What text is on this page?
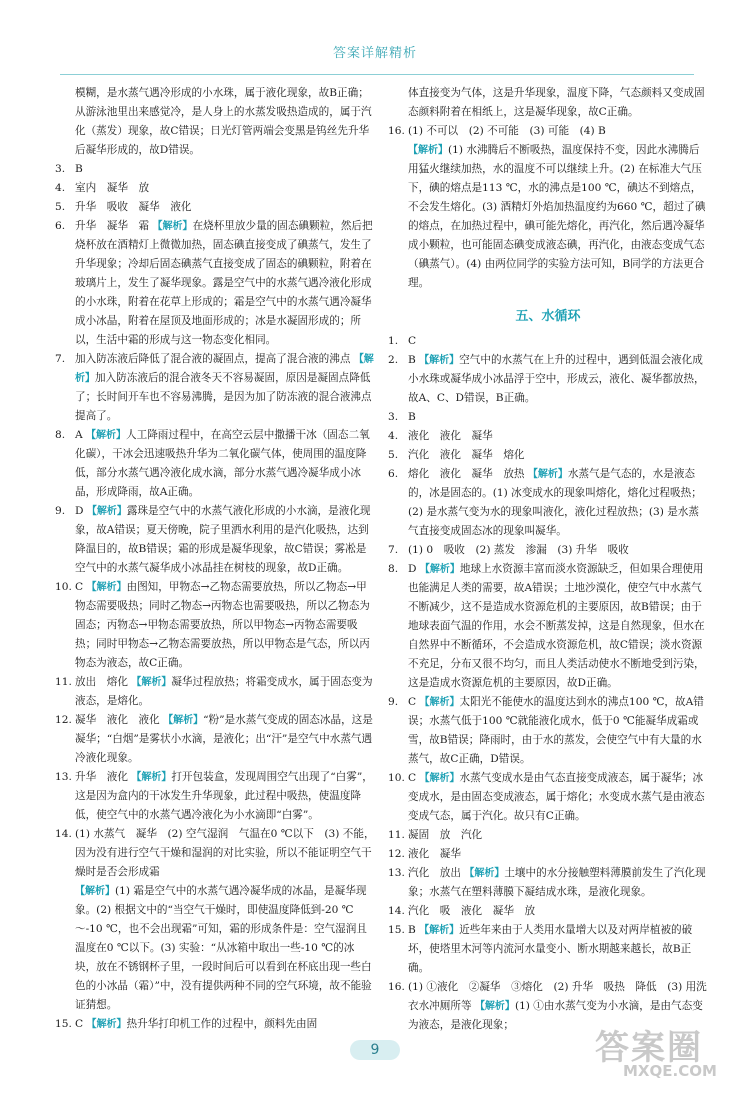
答案详解精析

模糊，是水蒸气遇冷形成的小水珠，属于液化现象，故B正确；从游泳池里出来感觉冷，是人身上的水蒸发吸热造成的，属于汽化（蒸发）现象，故C错误；日光灯管两端会变黑是钨丝先升华后凝华形成的，故D错误。

3. B

4. 室内　凝华　放

5. 升华　吸收　凝华　液化

6. 升华　凝华　霜 【解析】在烧杯里放少量的固态碘颗粒，然后把烧杯放在酒精灯上微微加热，固态碘直接变成了碘蒸气，发生了升华现象；冷却后固态碘蒸气直接变成了固态的碘颗粒，附着在玻璃片上，发生了凝华现象。露是空气中的水蒸气遇冷液化形成的小水珠，附着在花草上形成的；霜是空气中的水蒸气遇冷凝华成小冰晶，附着在屋顶及地面形成的；冰是水凝固形成的；所以，生活中霜的形成与这一物态变化相同。

7. 加入防冻液后降低了混合液的凝固点，提高了混合液的沸点 【解析】加入防冻液后的混合液冬天不容易凝固，原因是凝固点降低了；长时间开车也不容易沸腾，是因为加了防冻液的混合液沸点提高了。

8. A 【解析】人工降雨过程中，在高空云层中撒播干冰（固态二氧化碳），干冰会迅速吸热升华为二氧化碳气体，使周围的温度降低，部分水蒸气遇冷液化成水滴，部分水蒸气遇冷凝华成小冰晶，形成降雨，故A正确。

9. D 【解析】露珠是空气中的水蒸气液化形成的小水滴，是液化现象，故A错误；夏天傍晚，院子里洒水利用的是汽化吸热，达到降温目的，故B错误；霜的形成是凝华现象，故C错误；雾凇是空气中的水蒸气凝华成小冰晶挂在树枝的现象，故D正确。

10. C 【解析】由图知，甲物态→乙物态需要放热，所以乙物态→甲物态需要吸热；同时乙物态→丙物态也需要吸热，所以乙物态为固态；丙物态→甲物态需要放热，所以甲物态→丙物态需要吸热；同时甲物态→乙物态需要放热，所以甲物态是气态，所以丙物态为液态，故C正确。

11. 放出　熔化 【解析】凝华过程放热；将霜变成水，属于固态变为液态，是熔化。

12. 凝华　液化　液化 【解析】“粉”是水蒸气变成的固态冰晶，这是凝华；“白烟”是雾状小水滴，是液化；出“汗”是空气中水蒸气遇冷液化现象。

13. 升华　液化 【解析】打开包装盒，发现周围空气出现了“白雾”，这是因为盒内的干冰发生升华现象，此过程中吸热，使温度降低，使空气中的水蒸气遇冷液化为小水滴即“白雾”。

14. (1) 水蒸气　凝华　(2) 空气湿润　气温在0 ℃以下　(3) 不能，因为没有进行空气干燥和湿润的对比实验，所以不能证明空气干燥时是否会形成霜

【解析】(1) 霜是空气中的水蒸气遇冷凝华成的冰晶，是凝华现象。(2) 根据文中的“当空气干燥时，即使温度降低到-20 ℃～-10 ℃，也不会出现霜”可知，霜的形成条件是：空气湿润且温度在0 ℃以下。(3) 实验：“从冰箱中取出一些-10 ℃的冰块，放在不锈钢杯子里，一段时间后可以看到在杯底出现一些白色的小冰晶（霜）”中，没有提供两种不同的空气环境，故不能验证猜想。

15. C 【解析】热升华打印机工作的过程中，颜料先由固

体直接变为气体，这是升华现象，温度下降，气态颜料又变成固态颜料附着在相纸上，这是凝华现象，故C正确。

16. (1) 不可以　(2) 不可能　(3) 可能　(4) B

【解析】(1) 水沸腾后不断吸热，温度保持不变，因此水沸腾后用猛火继续加热，水的温度不可以继续上升。(2) 在标准大气压下，碘的熔点是113 ℃，水的沸点是100 ℃，碘达不到熔点，不会发生熔化。(3) 酒精灯外焰加热温度约为660 ℃，超过了碘的熔点，在加热过程中，碘可能先熔化，再汽化，然后遇冷凝华成小颗粒，也可能固态碘变成液态碘，再汽化，由液态变成气态（碘蒸气）。(4) 由两位同学的实验方法可知，B同学的方法更合理。

五、水循环

1. C

2. B 【解析】空气中的水蒸气在上升的过程中，遇到低温会液化成小水珠或凝华成小冰晶浮于空中，形成云，液化、凝华都放热，故A、C、D错误，B正确。

3. B

4. 液化　液化　凝华

5. 汽化　液化　凝华　熔化

6. 熔化　液化　凝华　放热 【解析】水蒸气是气态的，水是液态的，冰是固态的。(1) 冰变成水的现象叫熔化，熔化过程吸热；(2) 是水蒸气变为水的现象叫液化，液化过程放热；(3) 是水蒸气直接变成固态冰的现象叫凝华。

7. (1) 0　吸收　(2) 蒸发　渗漏　(3) 升华　吸收

8. D 【解析】地球上水资源丰富而淡水资源缺乏，但如果合理使用也能满足人类的需要，故A错误；土地沙漠化，使空气中水蒸气不断减少，这不是造成水资源危机的主要原因，故B错误；由于地球表面气温的作用，水会不断蒸发掉，这是自然现象，但水在自然界中不断循环，不会造成水资源危机，故C错误；淡水资源不充足，分布又很不均匀，而且人类活动使水不断地受到污染，这是造成水资源危机的主要原因，故D正确。

9. C 【解析】太阳光不能使水的温度达到水的沸点100 ℃，故A错误；水蒸气低于100 ℃就能液化成水，低于0 ℃能凝华成霜或雪，故B错误；降雨时，由于水的蒸发，会使空气中有大量的水蒸气，故C正确，D错误。

10. C 【解析】水蒸气变成水是由气态直接变成液态，属于凝华；冰变成水，是由固态变成液态，属于熔化；水变成水蒸气是由液态变成气态，属于汽化。故只有C正确。

11. 凝固　放　汽化

12. 液化　凝华

13. 汽化　放出 【解析】土壤中的水分接触塑料薄膜前发生了汽化现象；水蒸气在塑料薄膜下凝结成水珠，是液化现象。

14. 汽化　吸　液化　凝华　放

15. B 【解析】近些年来由于人类用水量增大以及对两岸植被的破坏，使塔里木河等内流河水量变小、断水期越来越长，故B正确。

16. (1) ①液化　②凝华　③熔化　(2) 升华　吸热　降低　(3) 用洗衣水冲厕所等 【解析】(1) ①由水蒸气变为小水滴，是由气态变为液态，是液化现象；

9	答案圈
MXQE.COM
